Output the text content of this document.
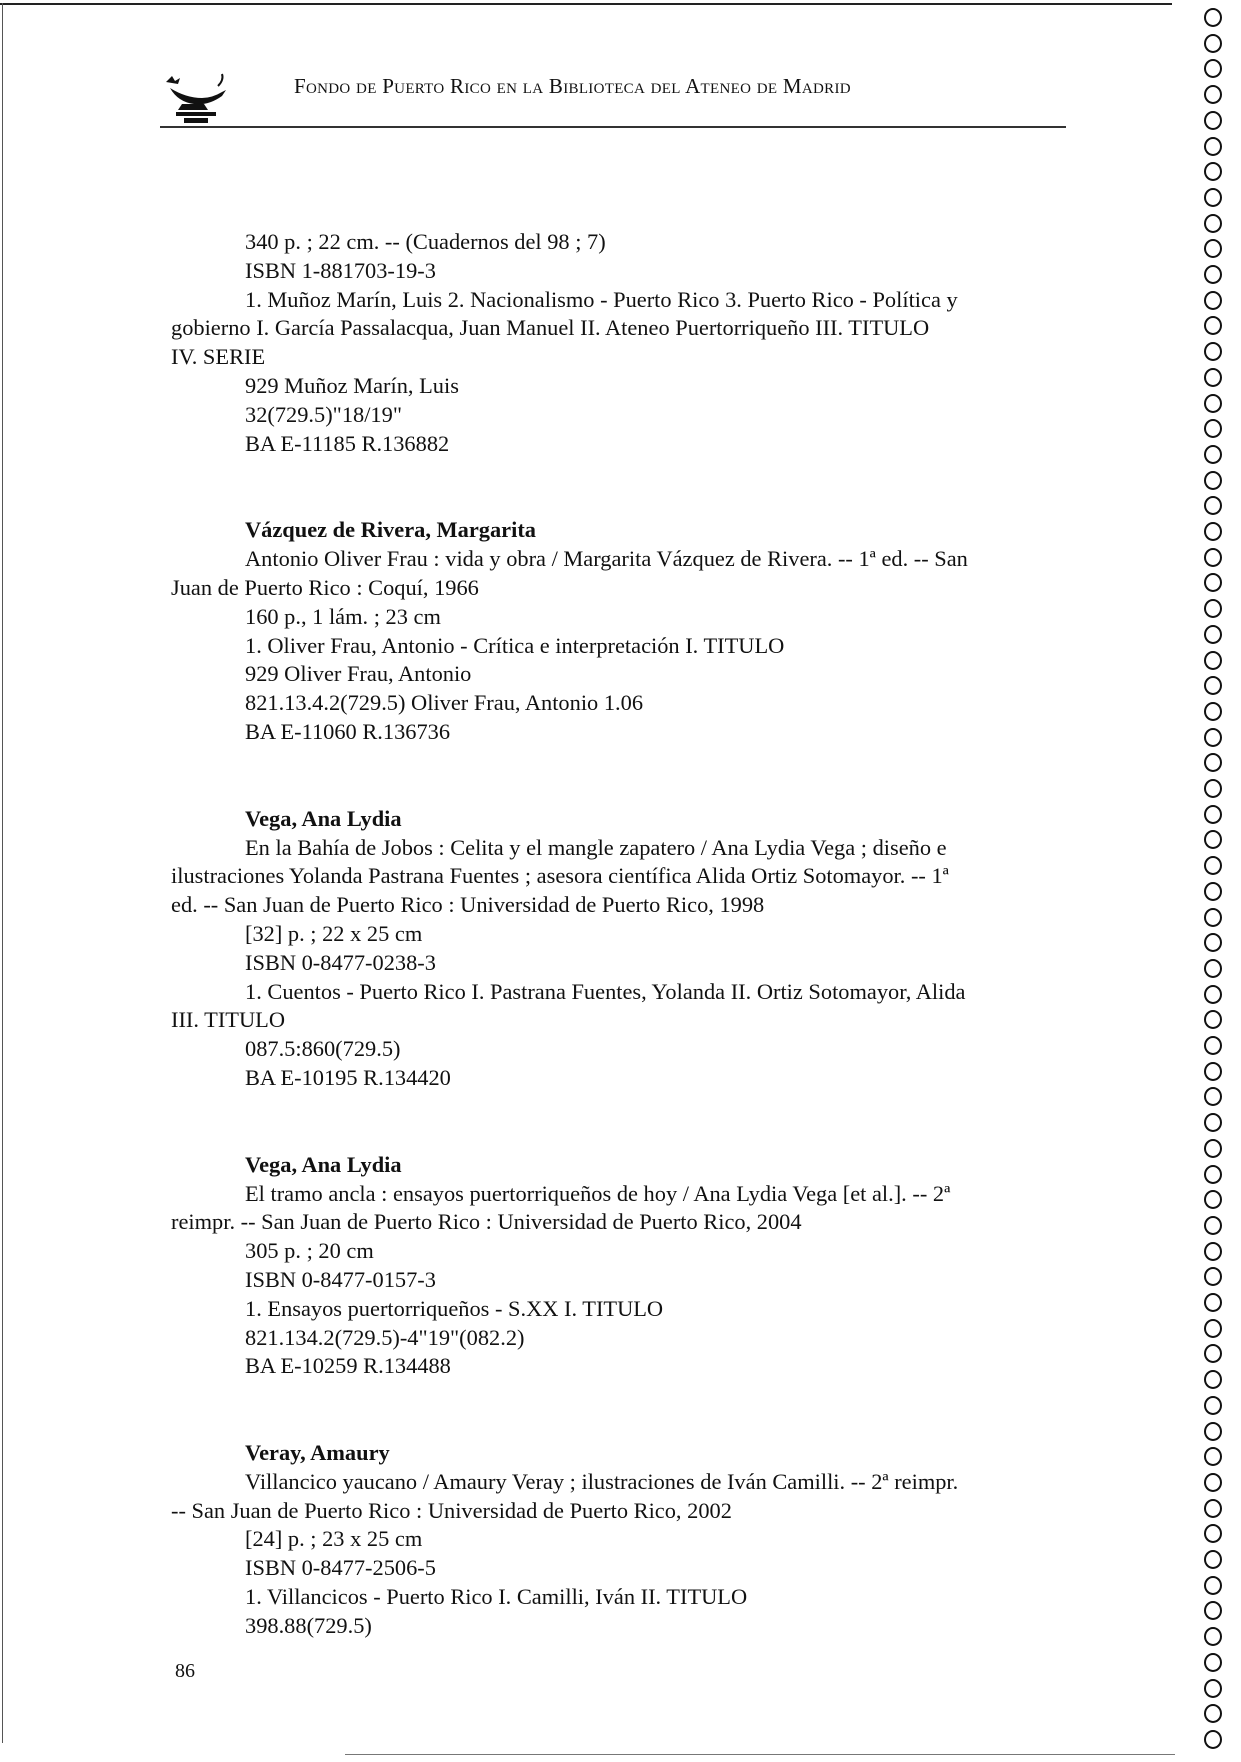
Fondo de Puerto Rico en la Biblioteca del Ateneo de Madrid
340 p. ; 22 cm. -- (Cuadernos del 98 ; 7)
ISBN 1-881703-19-3
1. Muñoz Marín, Luis 2. Nacionalismo - Puerto Rico 3. Puerto Rico - Política y
gobierno I. García Passalacqua, Juan Manuel II. Ateneo Puertorriqueño III. TITULO
IV. SERIE
929 Muñoz Marín, Luis
32(729.5)"18/19"
BA E-11185 R.136882
Vázquez de Rivera, Margarita
Antonio Oliver Frau : vida y obra / Margarita Vázquez de Rivera. -- 1ª ed. -- San
Juan de Puerto Rico : Coquí, 1966
160 p., 1 lám. ; 23 cm
1. Oliver Frau, Antonio - Crítica e interpretación I. TITULO
929 Oliver Frau, Antonio
821.13.4.2(729.5) Oliver Frau, Antonio 1.06
BA E-11060 R.136736
Vega, Ana Lydia
En la Bahía de Jobos : Celita y el mangle zapatero / Ana Lydia Vega ; diseño e
ilustraciones Yolanda Pastrana Fuentes ; asesora científica Alida Ortiz Sotomayor. -- 1ª
ed. -- San Juan de Puerto Rico : Universidad de Puerto Rico, 1998
[32] p. ; 22 x 25 cm
ISBN 0-8477-0238-3
1. Cuentos - Puerto Rico I. Pastrana Fuentes, Yolanda II. Ortiz Sotomayor, Alida
III. TITULO
087.5:860(729.5)
BA E-10195 R.134420
Vega, Ana Lydia
El tramo ancla : ensayos puertorriqueños de hoy / Ana Lydia Vega [et al.]. -- 2ª
reimpr. -- San Juan de Puerto Rico : Universidad de Puerto Rico, 2004
305 p. ; 20 cm
ISBN 0-8477-0157-3
1. Ensayos puertorriqueños - S.XX I. TITULO
821.134.2(729.5)-4"19"(082.2)
BA E-10259 R.134488
Veray, Amaury
Villancico yaucano / Amaury Veray ; ilustraciones de Iván Camilli. -- 2ª reimpr.
-- San Juan de Puerto Rico : Universidad de Puerto Rico, 2002
[24] p. ; 23 x 25 cm
ISBN 0-8477-2506-5
1. Villancicos - Puerto Rico I. Camilli, Iván II. TITULO
398.88(729.5)
86
